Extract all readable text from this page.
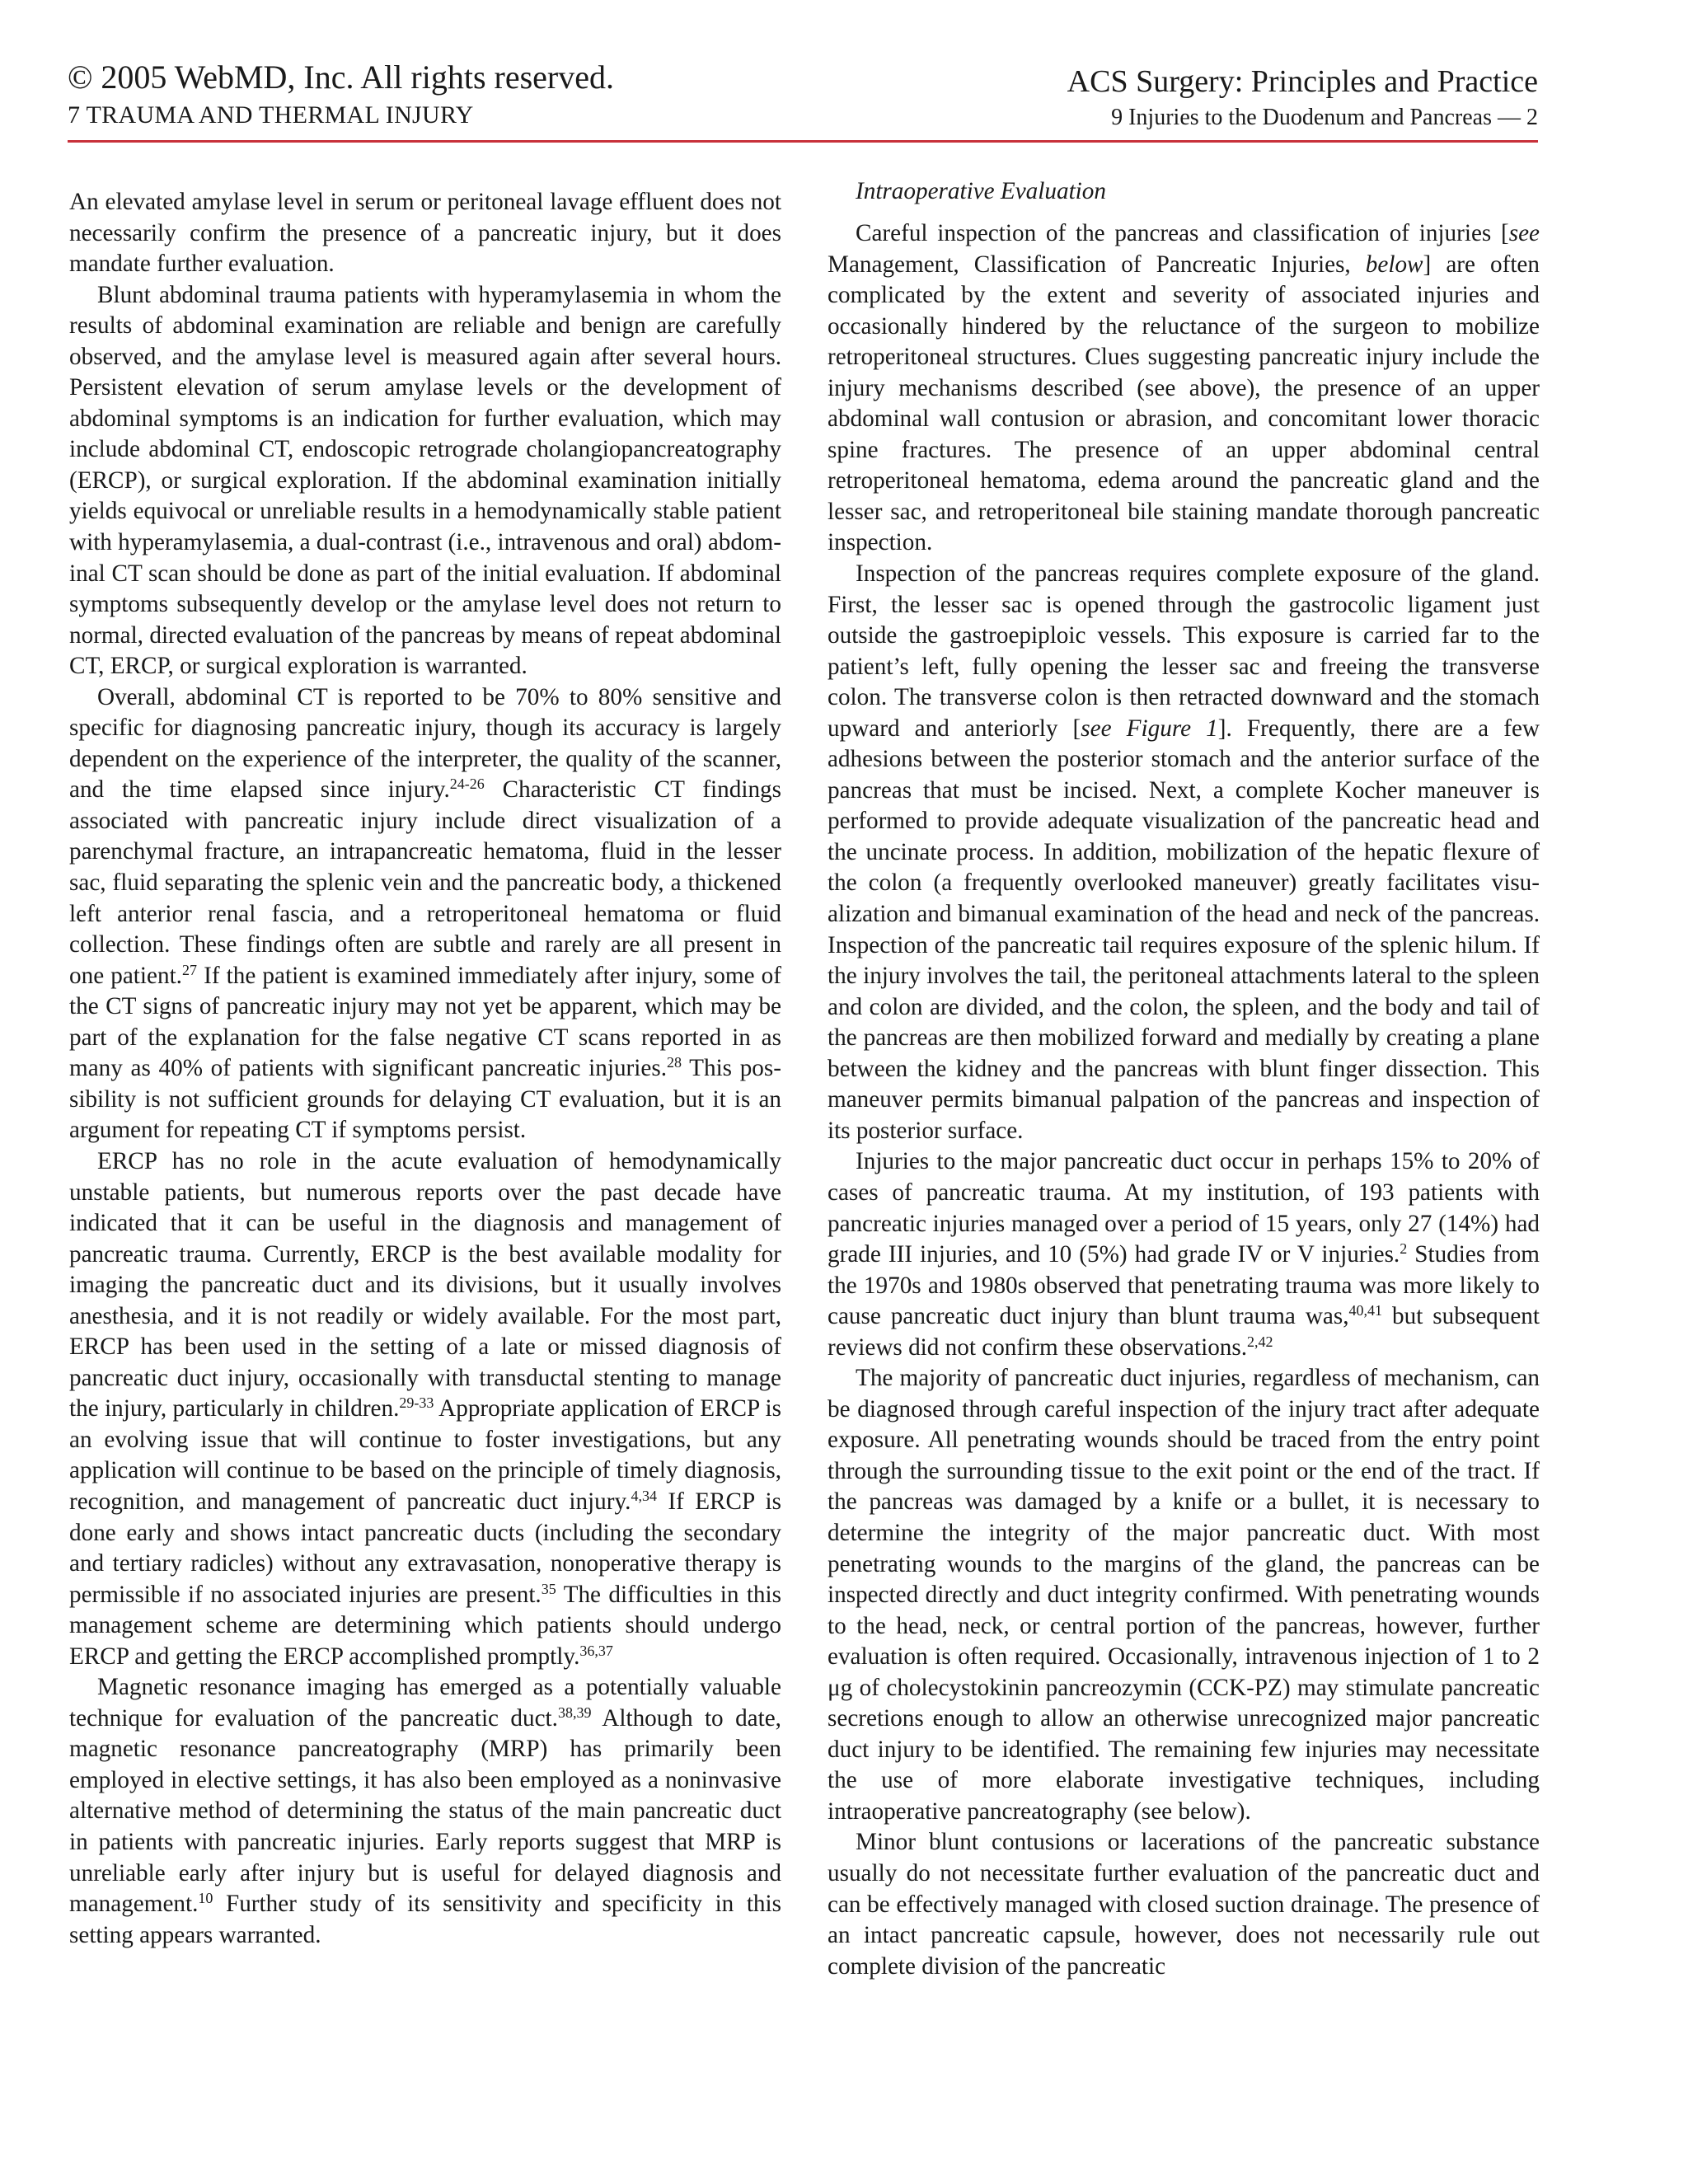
© 2005 WebMD, Inc. All rights reserved.
7 TRAUMA AND THERMAL INJURY
ACS Surgery: Principles and Practice
9 Injuries to the Duodenum and Pancreas — 2

An elevated amylase level in serum or peritoneal lavage effluent does not necessarily confirm the presence of a pancreatic injury, but it does mandate further evaluation.

Blunt abdominal trauma patients with hyperamylasemia in whom the results of abdominal examination are reliable and benign are carefully observed, and the amylase level is measured again after several hours. Persistent elevation of serum amylase levels or the development of abdominal symptoms is an indication for further evaluation, which may include abdominal CT, endoscopic retrograde cholangiopancreatography (ERCP), or surgical exploration. If the abdominal examination initially yields equivocal or unreliable results in a hemodynamically stable patient with hyperamylasemia, a dual-contrast (i.e., intravenous and oral) abdominal CT scan should be done as part of the initial evaluation. If abdominal symptoms subsequently develop or the amylase level does not return to normal, directed evaluation of the pancreas by means of repeat abdominal CT, ERCP, or surgical exploration is warranted.

Overall, abdominal CT is reported to be 70% to 80% sensitive and specific for diagnosing pancreatic injury, though its accuracy is largely dependent on the experience of the interpreter, the quality of the scanner, and the time elapsed since injury.$^{24-26}$ Characteristic CT findings associated with pancreatic injury include direct visualization of a parenchymal fracture, an intrapancreatic hematoma, fluid in the lesser sac, fluid separating the splenic vein and the pancreatic body, a thickened left anterior renal fascia, and a retroperitoneal hematoma or fluid collection. These findings often are subtle and rarely are all present in one patient.$^{27}$ If the patient is examined immediately after injury, some of the CT signs of pancreatic injury may not yet be apparent, which may be part of the explanation for the false negative CT scans reported in as many as 40% of patients with significant pancreatic injuries.$^{28}$ This possibility is not sufficient grounds for delaying CT evaluation, but it is an argument for repeating CT if symptoms persist.

ERCP has no role in the acute evaluation of hemodynamically unstable patients, but numerous reports over the past decade have indicated that it can be useful in the diagnosis and management of pancreatic trauma. Currently, ERCP is the best available modality for imaging the pancreatic duct and its divisions, but it usually involves anesthesia, and it is not readily or widely available. For the most part, ERCP has been used in the setting of a late or missed diagnosis of pancreatic duct injury, occasionally with transductal stenting to manage the injury, particularly in children.$^{29-33}$ Appropriate application of ERCP is an evolving issue that will continue to foster investigations, but any application will continue to be based on the principle of timely diagnosis, recognition, and management of pancreatic duct injury.$^{4,34}$ If ERCP is done early and shows intact pancreatic ducts (including the secondary and tertiary radicles) without any extravasation, nonoperative therapy is permissible if no associated injuries are present.$^{35}$ The difficulties in this management scheme are determining which patients should undergo ERCP and getting the ERCP accomplished promptly.$^{36,37}$

Magnetic resonance imaging has emerged as a potentially valuable technique for evaluation of the pancreatic duct.$^{38,39}$ Although to date, magnetic resonance pancreatography (MRP) has primarily been employed in elective settings, it has also been employed as a noninvasive alternative method of determining the status of the main pancreatic duct in patients with pancreatic injuries. Early reports suggest that MRP is unreliable early after injury but is useful for delayed diagnosis and management.$^{10}$ Further study of its sensitivity and specificity in this setting appears warranted.

Intraoperative Evaluation

Careful inspection of the pancreas and classification of injuries [see Management, Classification of Pancreatic Injuries, below] are often complicated by the extent and severity of associated injuries and occasionally hindered by the reluctance of the surgeon to mobilize retroperitoneal structures. Clues suggesting pancreatic injury include the injury mechanisms described (see above), the presence of an upper abdominal wall contusion or abrasion, and concomitant lower thoracic spine fractures. The presence of an upper abdominal central retroperitoneal hematoma, edema around the pancreatic gland and the lesser sac, and retroperitoneal bile staining mandate thorough pancreatic inspection.

Inspection of the pancreas requires complete exposure of the gland. First, the lesser sac is opened through the gastrocolic ligament just outside the gastroepiploic vessels. This exposure is carried far to the patient’s left, fully opening the lesser sac and freeing the transverse colon. The transverse colon is then retracted downward and the stomach upward and anteriorly [see Figure 1]. Frequently, there are a few adhesions between the posterior stomach and the anterior surface of the pancreas that must be incised. Next, a complete Kocher maneuver is performed to provide adequate visualization of the pancreatic head and the uncinate process. In addition, mobilization of the hepatic flexure of the colon (a frequently overlooked maneuver) greatly facilitates visualization and bimanual examination of the head and neck of the pancreas. Inspection of the pancreatic tail requires exposure of the splenic hilum. If the injury involves the tail, the peritoneal attachments lateral to the spleen and colon are divided, and the colon, the spleen, and the body and tail of the pancreas are then mobilized forward and medially by creating a plane between the kidney and the pancreas with blunt finger dissection. This maneuver permits bimanual palpation of the pancreas and inspection of its posterior surface.

Injuries to the major pancreatic duct occur in perhaps 15% to 20% of cases of pancreatic trauma. At my institution, of 193 patients with pancreatic injuries managed over a period of 15 years, only 27 (14%) had grade III injuries, and 10 (5%) had grade IV or V injuries.$^2$ Studies from the 1970s and 1980s observed that penetrating trauma was more likely to cause pancreatic duct injury than blunt trauma was,$^{40,41}$ but subsequent reviews did not confirm these observations.$^{2,42}$

The majority of pancreatic duct injuries, regardless of mechanism, can be diagnosed through careful inspection of the injury tract after adequate exposure. All penetrating wounds should be traced from the entry point through the surrounding tissue to the exit point or the end of the tract. If the pancreas was damaged by a knife or a bullet, it is necessary to determine the integrity of the major pancreatic duct. With most penetrating wounds to the margins of the gland, the pancreas can be inspected directly and duct integrity confirmed. With penetrating wounds to the head, neck, or central portion of the pancreas, however, further evaluation is often required. Occasionally, intravenous injection of 1 to 2 μg of cholecystokinin pancreozymin (CCK-PZ) may stimulate pancreatic secretions enough to allow an otherwise unrecognized major pancreatic duct injury to be identified. The remaining few injuries may necessitate the use of more elaborate investigative techniques, including intraoperative pancreatography (see below).

Minor blunt contusions or lacerations of the pancreatic substance usually do not necessitate further evaluation of the pancreatic duct and can be effectively managed with closed suction drainage. The presence of an intact pancreatic capsule, however, does not necessarily rule out complete division of the pancreatic
